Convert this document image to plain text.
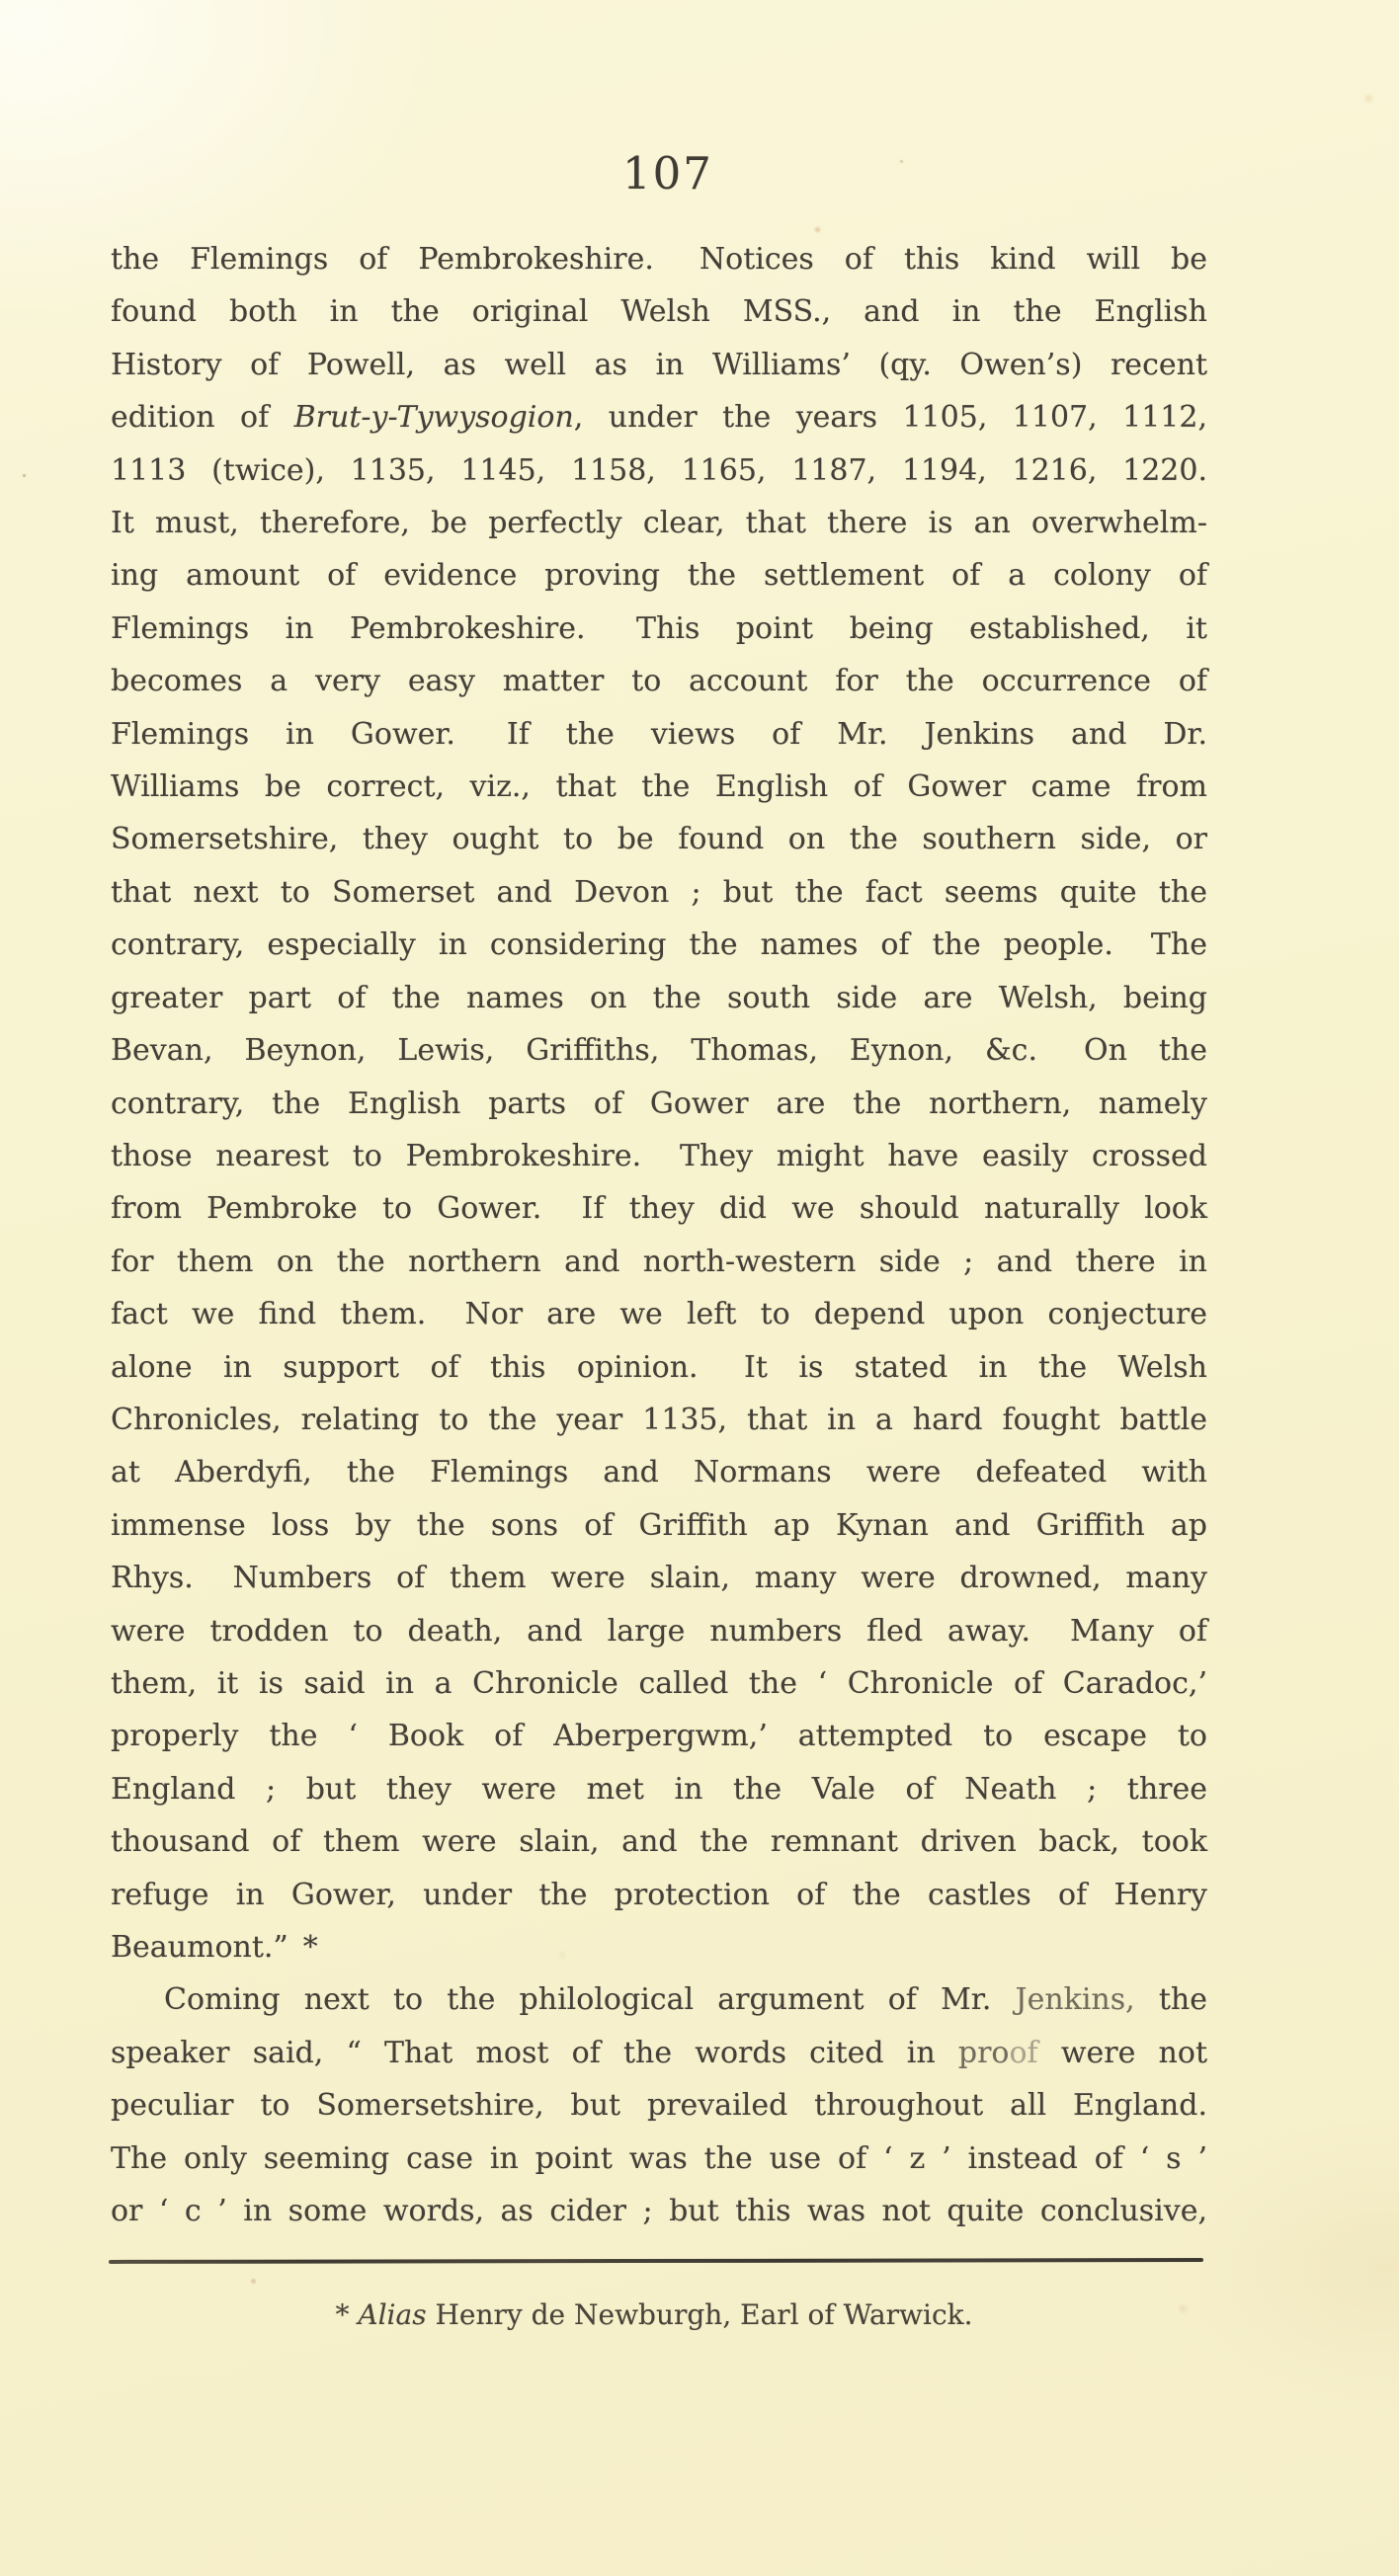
107
the Flemings of Pembrokeshire.  Notices of this kind will be
found both in the original Welsh MSS., and in the English
History of Powell, as well as in Williams’ (qy. Owen’s) recent
edition of Brut-y-Tywysogion, under the years 1105, 1107, 1112,
1113 (twice), 1135, 1145, 1158, 1165, 1187, 1194, 1216, 1220.
It must, therefore, be perfectly clear, that there is an overwhelm-
ing amount of evidence proving the settlement of a colony of
Flemings in Pembrokeshire.  This point being established, it
becomes a very easy matter to account for the occurrence of
Flemings in Gower.  If the views of Mr. Jenkins and Dr.
Williams be correct, viz., that the English of Gower came from
Somersetshire, they ought to be found on the southern side, or
that next to Somerset and Devon ; but the fact seems quite the
contrary, especially in considering the names of the people.  The
greater part of the names on the south side are Welsh, being
Bevan, Beynon, Lewis, Griffiths, Thomas, Eynon, &c.  On the
contrary, the English parts of Gower are the northern, namely
those nearest to Pembrokeshire.  They might have easily crossed
from Pembroke to Gower.  If they did we should naturally look
for them on the northern and north-western side ; and there in
fact we find them.  Nor are we left to depend upon conjecture
alone in support of this opinion.  It is stated in the Welsh
Chronicles, relating to the year 1135, that in a hard fought battle
at Aberdyfi, the Flemings and Normans were defeated with
immense loss by the sons of Griffith ap Kynan and Griffith ap
Rhys.  Numbers of them were slain, many were drowned, many
were trodden to death, and large numbers fled away.  Many of
them, it is said in a Chronicle called the ‘ Chronicle of Caradoc,’
properly the ‘ Book of Aberpergwm,’ attempted to escape to
England ; but they were met in the Vale of Neath ; three
thousand of them were slain, and the remnant driven back, took
refuge in Gower, under the protection of the castles of Henry
Beaumont.” *
Coming next to the philological argument of Mr. Jenkins, the
speaker said, “ That most of the words cited in proof were not
peculiar to Somersetshire, but prevailed throughout all England.
The only seeming case in point was the use of ‘ z ’ instead of ‘ s ’
or ‘ c ’ in some words, as cider ; but this was not quite conclusive,
* Alias Henry de Newburgh, Earl of Warwick.
